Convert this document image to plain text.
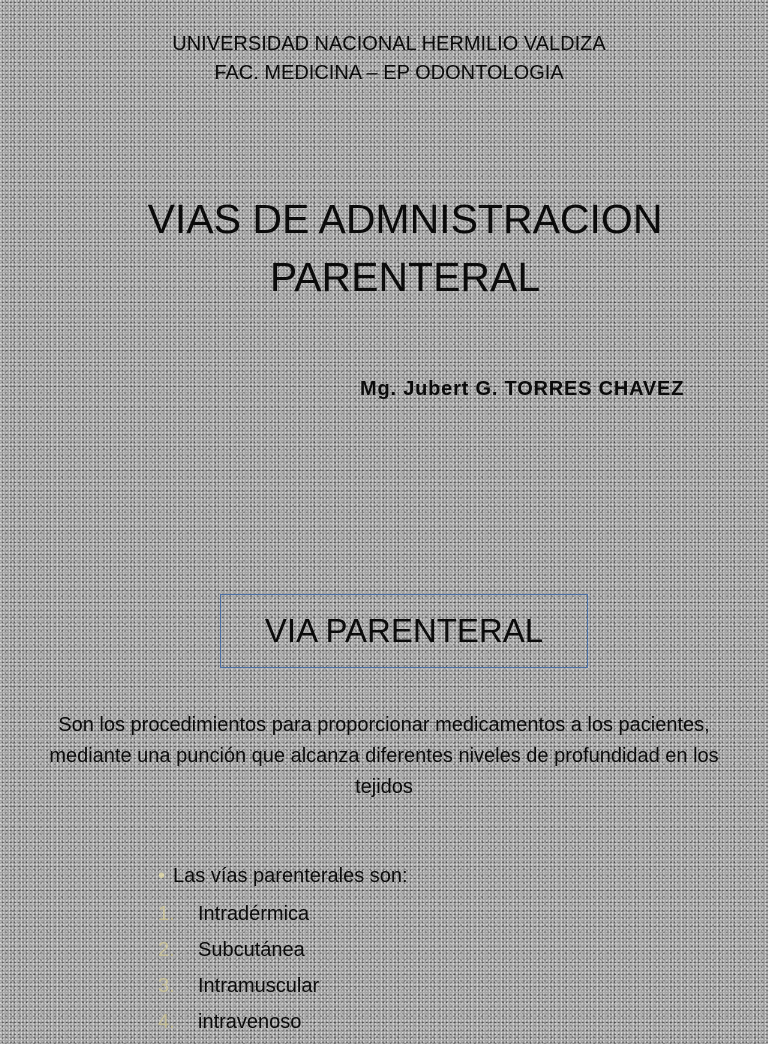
UNIVERSIDAD NACIONAL HERMILIO VALDIZA
FAC. MEDICINA – EP ODONTOLOGIA
VIAS DE ADMNISTRACION
PARENTERAL
Mg. Jubert G. TORRES CHAVEZ
VIA PARENTERAL
Son los procedimientos para proporcionar medicamentos a los pacientes, mediante una punción que alcanza diferentes niveles de profundidad en los tejidos
• Las vías parenterales son:
1.	Intradérmica
2.	Subcutánea
3.	Intramuscular
4.	intravenoso
